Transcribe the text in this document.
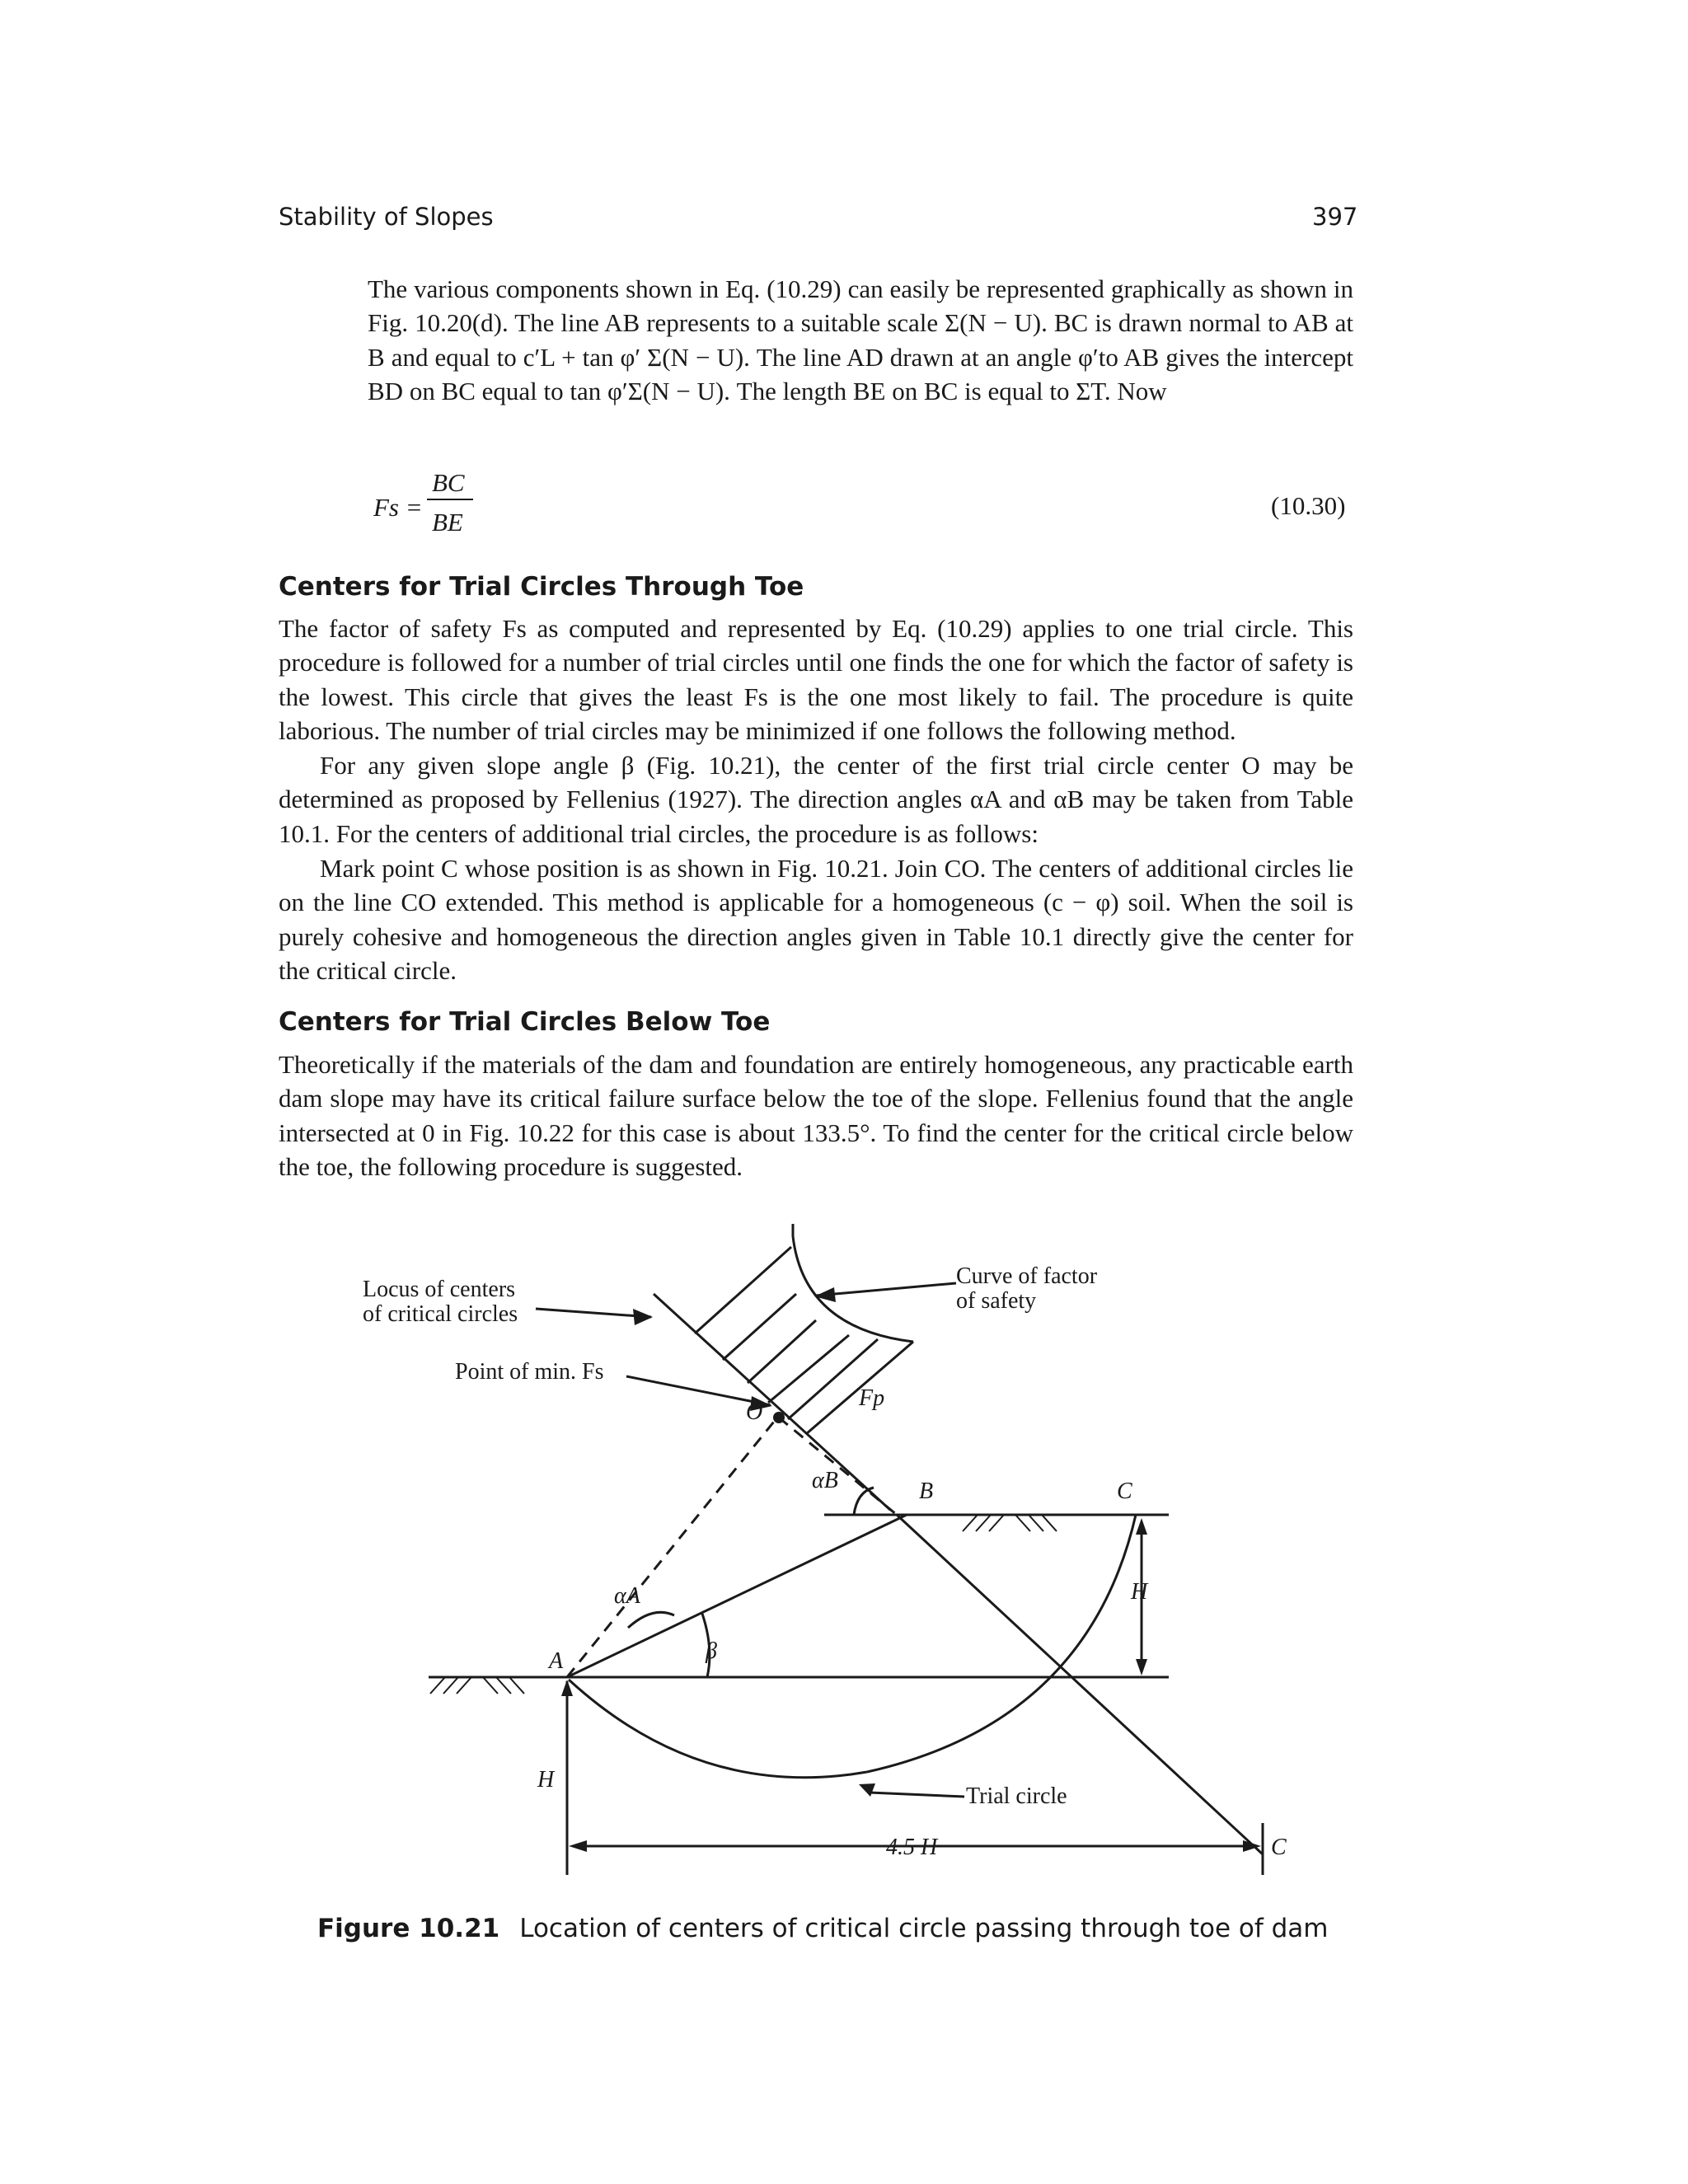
Stability of Slopes	397

The various components shown in Eq. (10.29) can easily be represented graphically as shown in Fig. 10.20(d). The line AB represents to a suitable scale Σ(N − U). BC is drawn normal to AB at B and equal to c′L + tan φ′ Σ(N − U). The line AD drawn at an angle φ′to AB gives the intercept BD on BC equal to tan φ′Σ(N − U). The length BE on BC is equal to ΣT. Now

Fs =
BC
BE
(10.30)
Centers for Trial Circles Through Toe

The factor of safety Fs as computed and represented by Eq. (10.29) applies to one trial circle. This procedure is followed for a number of trial circles until one finds the one for which the factor of safety is the lowest. This circle that gives the least Fs is the one most likely to fail. The procedure is quite laborious. The number of trial circles may be minimized if one follows the following method.

For any given slope angle β (Fig. 10.21), the center of the first trial circle center O may be determined as proposed by Fellenius (1927). The direction angles αA and αB may be taken from Table 10.1. For the centers of additional trial circles, the procedure is as follows:

Mark point C whose position is as shown in Fig. 10.21. Join CO. The centers of additional circles lie on the line CO extended. This method is applicable for a homogeneous (c − φ) soil. When the soil is purely cohesive and homogeneous the direction angles given in Table 10.1 directly give the center for the critical circle.

Centers for Trial Circles Below Toe

Theoretically if the materials of the dam and foundation are entirely homogeneous, any practicable earth dam slope may have its critical failure surface below the toe of the slope. Fellenius found that the angle intersected at 0 in Fig. 10.22 for this case is about 133.5°. To find the center for the critical circle below the toe, the following procedure is suggested.

Locus of centers
of critical circles
Curve of factor
of safety
Point of min. Fs
O
Fp
αB	B	C
H
αA
β
A
H
Trial circle
4.5 H	C
Figure 10.21 Location of centers of critical circle passing through toe of dam
